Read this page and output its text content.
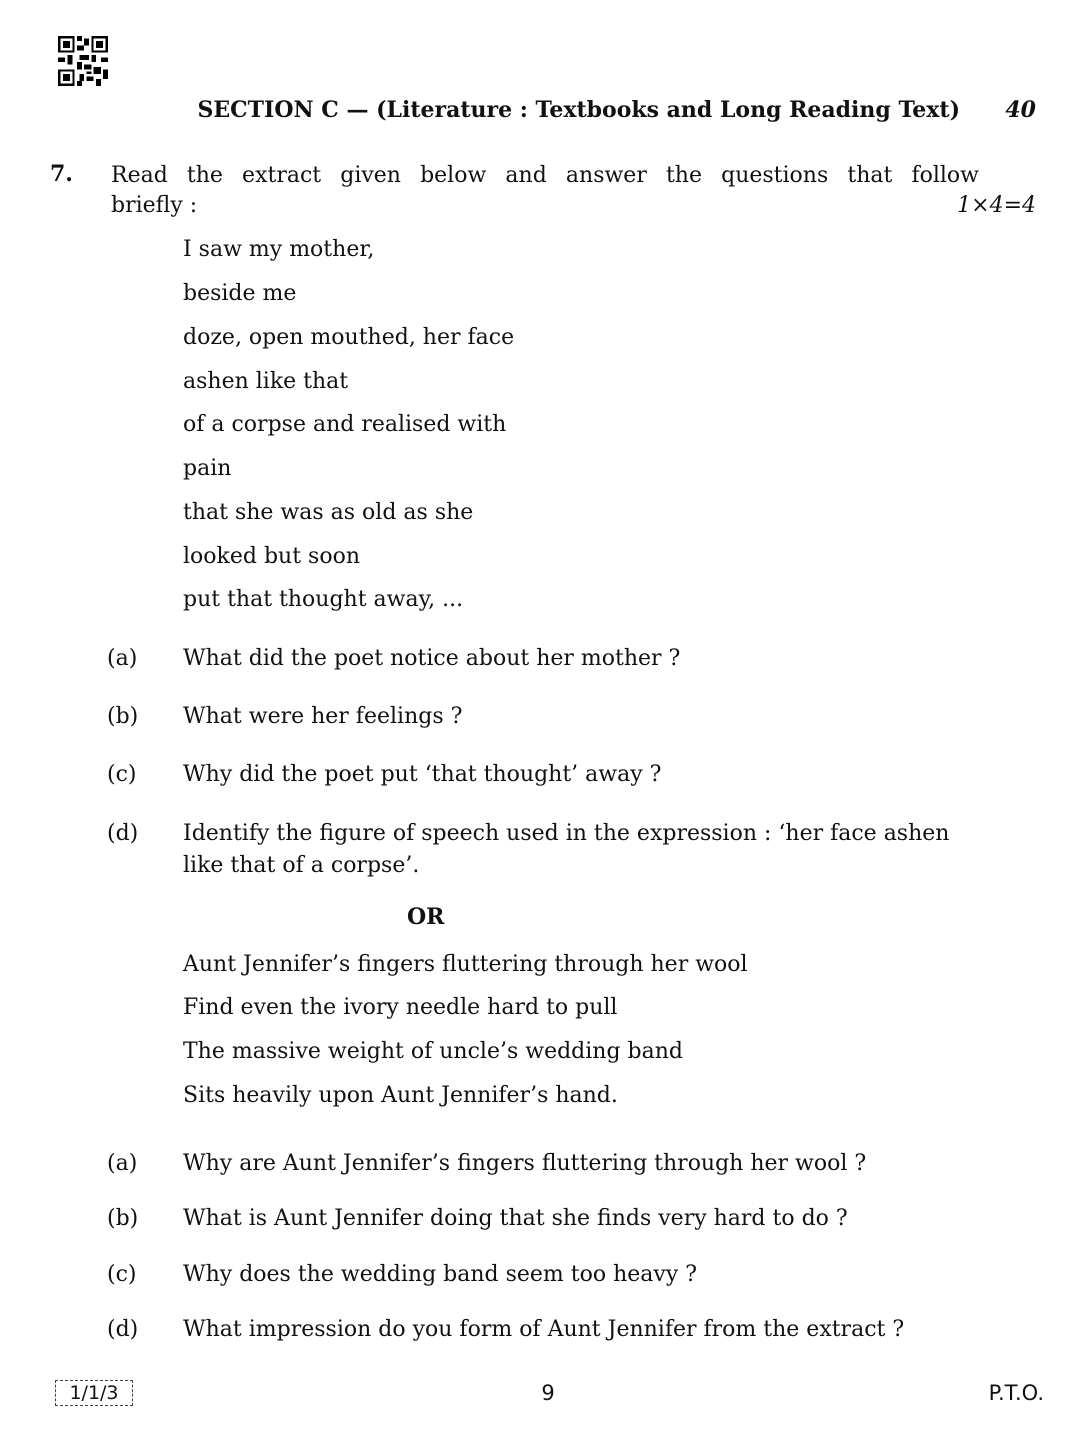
SECTION C — (Literature : Textbooks and Long Reading Text) 40
7. Read the extract given below and answer the questions that follow
briefly :	1×4=4
I saw my mother,
beside me
doze, open mouthed, her face
ashen like that
of a corpse and realised with
pain
that she was as old as she
looked but soon
put that thought away, ...
(a) What did the poet notice about her mother ?
(b) What were her feelings ?
(c) Why did the poet put ‘that thought’ away ?
(d) Identify the figure of speech used in the expression : ‘her face ashen like that of a corpse’.
OR
Aunt Jennifer’s fingers fluttering through her wool
Find even the ivory needle hard to pull
The massive weight of uncle’s wedding band
Sits heavily upon Aunt Jennifer’s hand.
(a) Why are Aunt Jennifer’s fingers fluttering through her wool ?
(b) What is Aunt Jennifer doing that she finds very hard to do ?
(c) Why does the wedding band seem too heavy ?
(d) What impression do you form of Aunt Jennifer from the extract ?
1/1/3	9	P.T.O.
